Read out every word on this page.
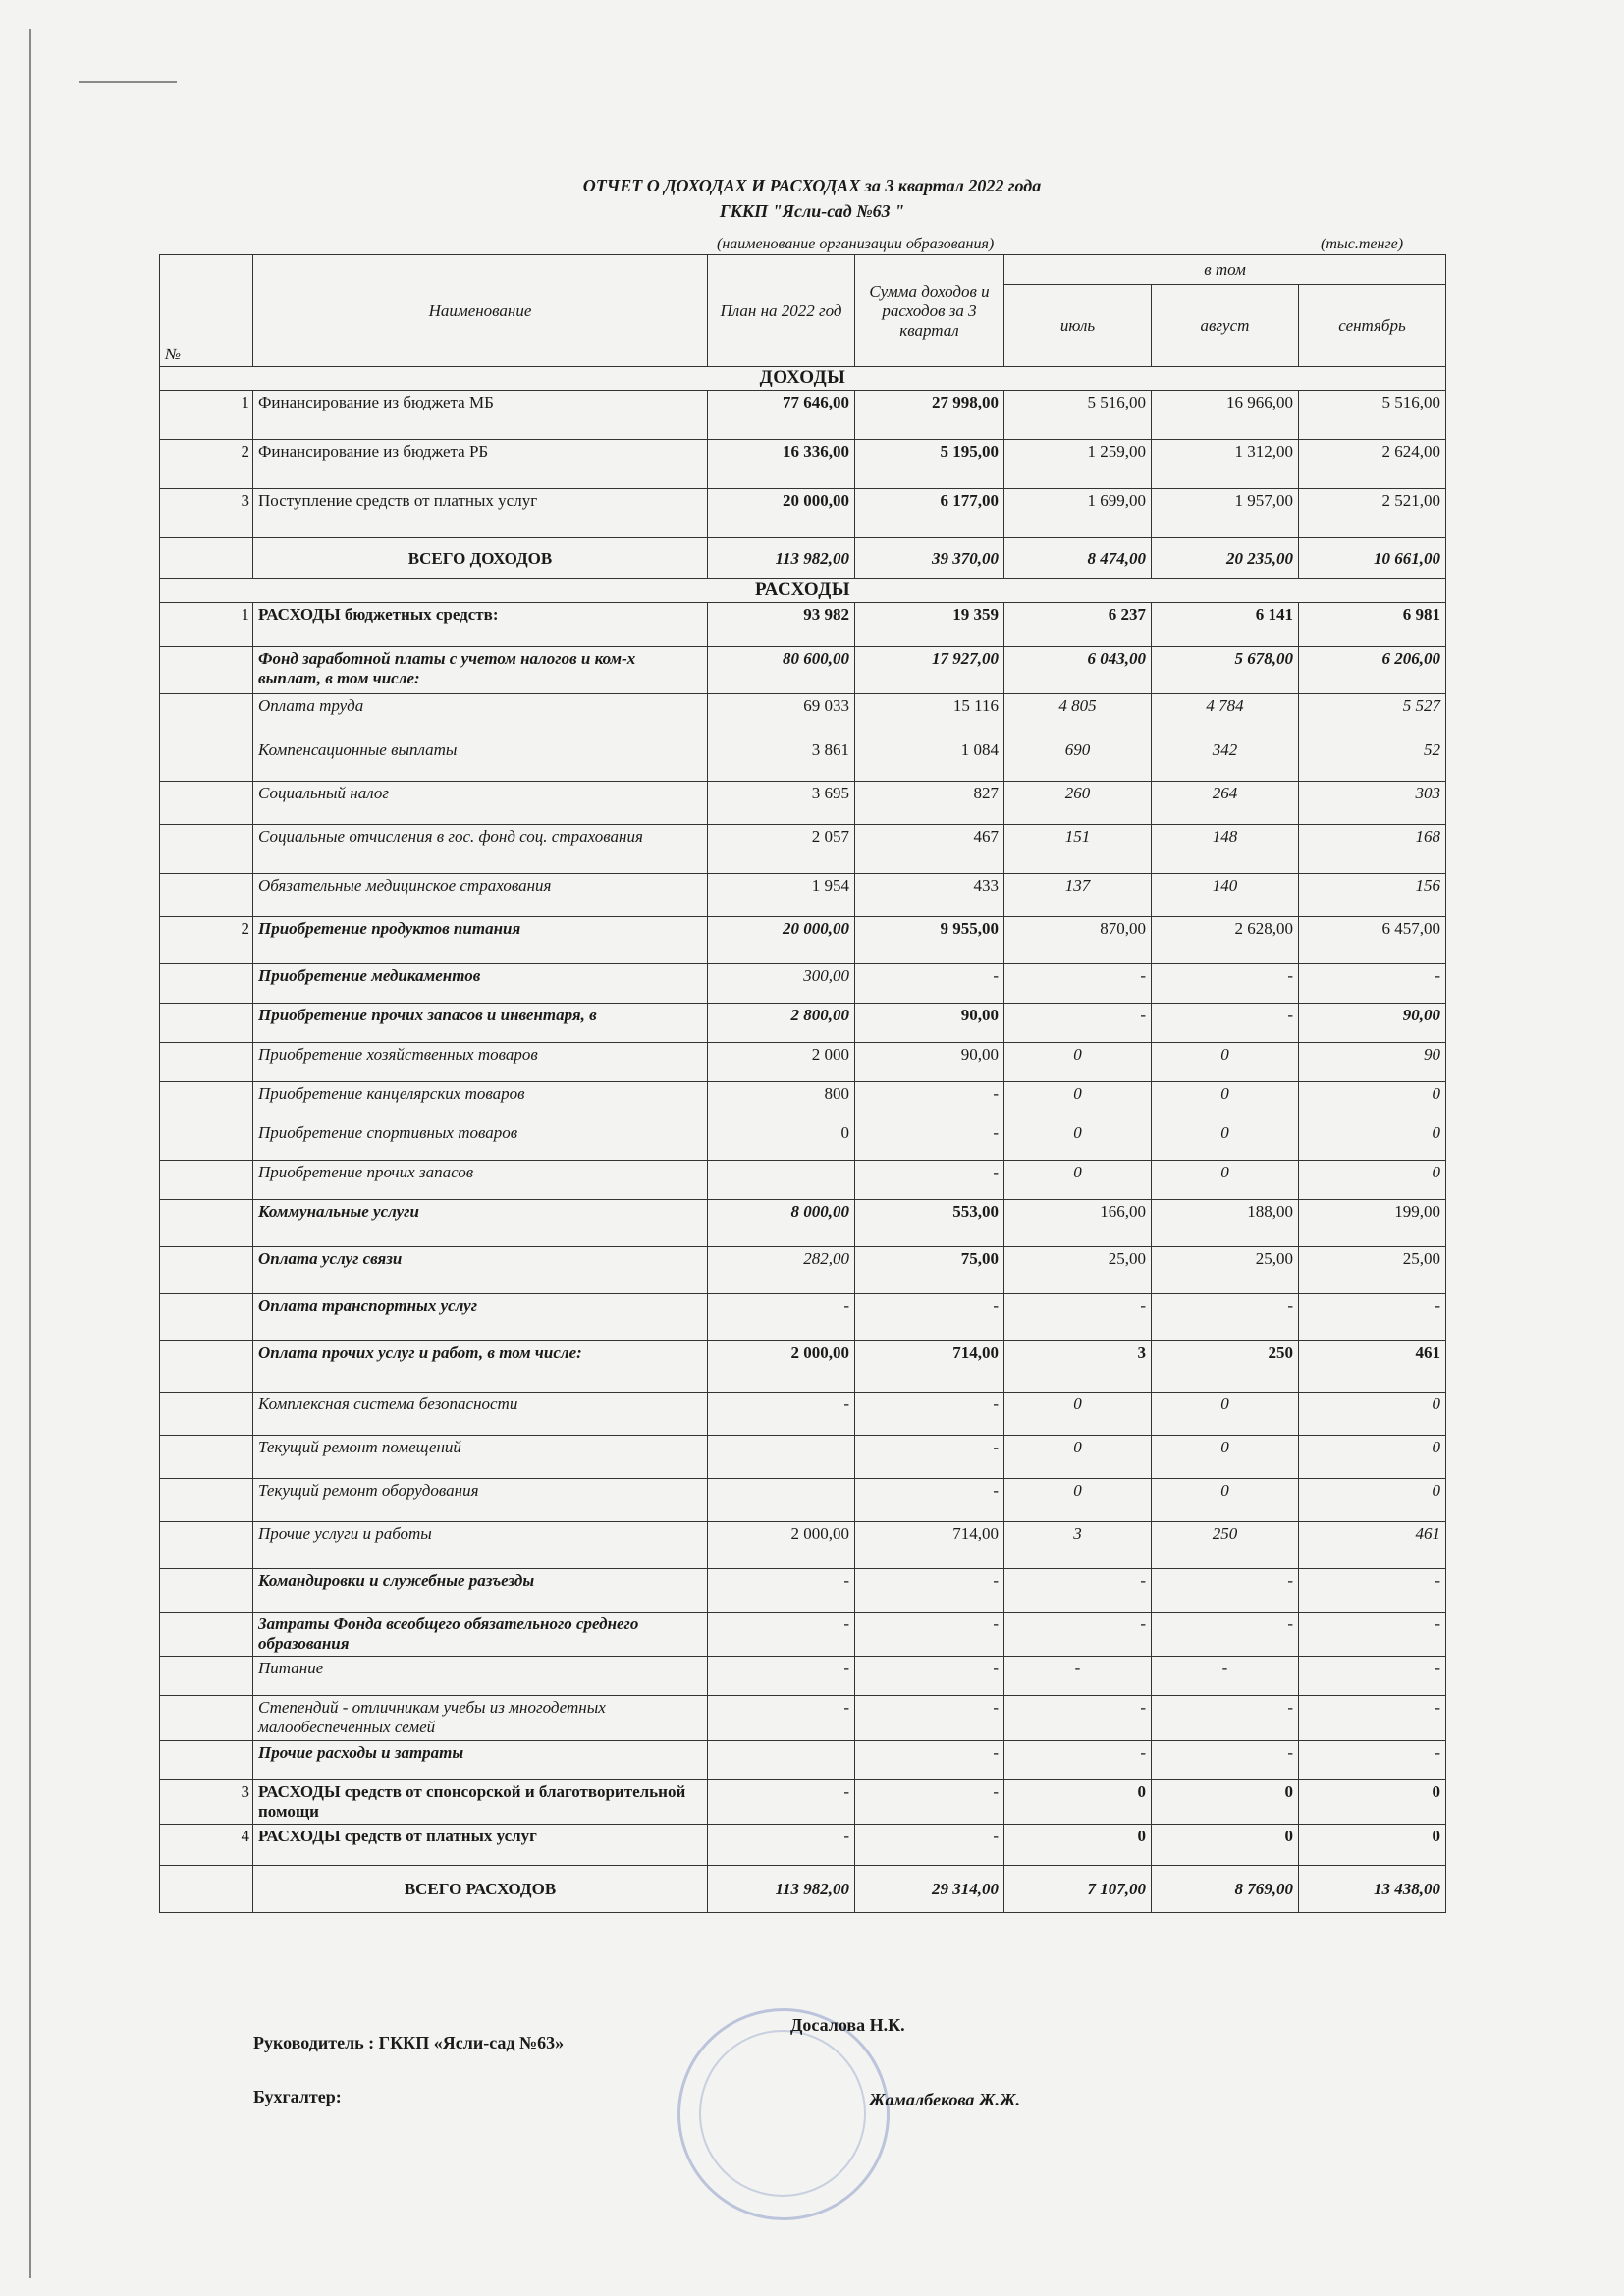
ОТЧЕТ О ДОХОДАХ И РАСХОДАХ за 3 квартал 2022 года
ГККП "Ясли-сад №63 "
(наименование организации образования)	(тыс.тенге)
№	Наименование	План на 2022 год	Сумма доходов и расходов за 3 квартал	в том		
				июль	август	сентябрь
ДОХОДЫ						
1	Финансирование из бюджета МБ	77 646,00	27 998,00	5 516,00	16 966,00	5 516,00
2	Финансирование из бюджета РБ	16 336,00	5 195,00	1 259,00	1 312,00	2 624,00
3	Поступление средств от платных услуг	20 000,00	6 177,00	1 699,00	1 957,00	2 521,00
	ВСЕГО ДОХОДОВ	113 982,00	39 370,00	8 474,00	20 235,00	10 661,00
РАСХОДЫ						
1	РАСХОДЫ бюджетных средств:	93 982	19 359	6 237	6 141	6 981
	Фонд заработной платы с учетом налогов и ком-х выплат, в том числе:	80 600,00	17 927,00	6 043,00	5 678,00	6 206,00
	Оплата труда	69 033	15 116	4 805	4 784	5 527
	Компенсационные выплаты	3 861	1 084	690	342	52
	Социальный налог	3 695	827	260	264	303
	Социальные отчисления в гос. фонд соц. страхования	2 057	467	151	148	168
	Обязательные медицинское страхования	1 954	433	137	140	156
2	Приобретение продуктов питания	20 000,00	9 955,00	870,00	2 628,00	6 457,00
	Приобретение медикаментов	300,00	-	-	-	-
	Приобретение прочих запасов и инвентаря, в	2 800,00	90,00	-	-	90,00
	Приобретение хозяйственных товаров	2 000	90,00	0	0	90
	Приобретение канцелярских товаров	800	-	0	0	0
	Приобретение спортивных товаров	0	-	0	0	0
	Приобретение прочих запасов		-	0	0	0
	Коммунальные услуги	8 000,00	553,00	166,00	188,00	199,00
	Оплата услуг связи	282,00	75,00	25,00	25,00	25,00
	Оплата транспортных услуг	-	-	-	-	-
	Оплата прочих услуг и работ, в том числе:	2 000,00	714,00	3	250	461
	Комплексная система безопасности	-	-	0	0	0
	Текущий ремонт помещений		-	0	0	0
	Текущий ремонт оборудования		-	0	0	0
	Прочие услуги и работы	2 000,00	714,00	3	250	461
	Командировки и служебные разъезды	-	-	-	-	-
	Затраты Фонда всеобщего обязательного среднего образования	-	-	-	-	-
	Питание	-	-	-	-	-
	Степендий - отличникам учебы из многодетных малообеспеченных семей	-	-	-	-	-
	Прочие расходы и затраты		-	-	-	-
3	РАСХОДЫ средств от спонсорской и благотворительной помощи	-	-	0	0	0
4	РАСХОДЫ средств от платных услуг	-	-	0	0	0
	ВСЕГО РАСХОДОВ	113 982,00	29 314,00	7 107,00	8 769,00	13 438,00
Руководитель : ГККП «Ясли-сад №63»
Досалова Н.К.
Бухгалтер:	Жамалбекова Ж.Ж.
